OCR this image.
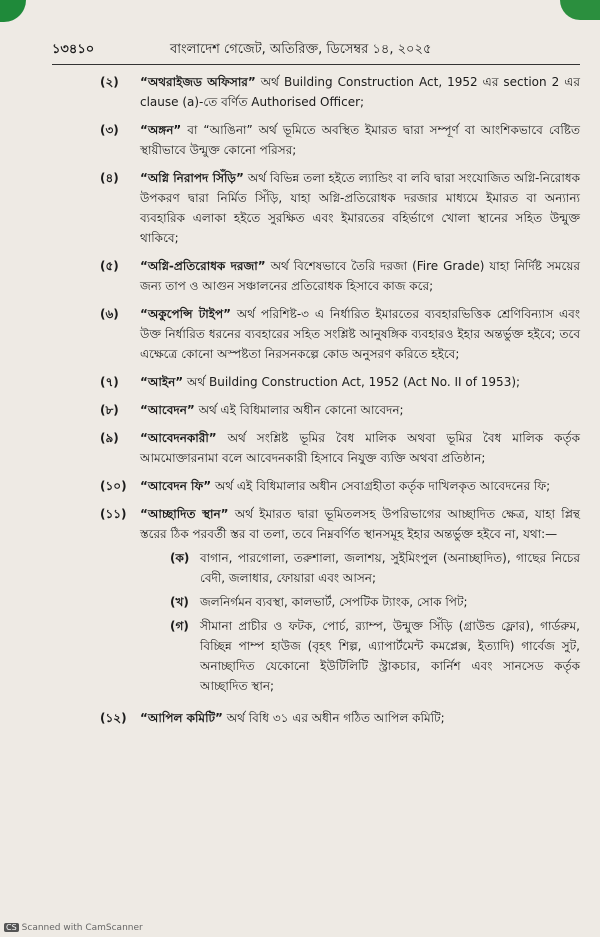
১৩৪১০	বাংলাদেশ গেজেট, অতিরিক্ত, ডিসেম্বর ১৪, ২০২৫
(২)	“অথরাইজড অফিসার” অর্থ Building Construction Act, 1952 এর section 2 এর clause (a)-তে বর্ণিত Authorised Officer;
(৩)	“অঙ্গন” বা “আঙিনা” অর্থ ভূমিতে অবস্থিত ইমারত দ্বারা সম্পূর্ণ বা আংশিকভাবে বেষ্টিত স্থায়ীভাবে উন্মুক্ত কোনো পরিসর;
(৪)	“অগ্নি নিরাপদ সিঁড়ি” অর্থ বিভিন্ন তলা হইতে ল্যান্ডিং বা লবি দ্বারা সংযোজিত অগ্নি-নিরোধক উপকরণ দ্বারা নির্মিত সিঁড়ি, যাহা অগ্নি-প্রতিরোধক দরজার মাধ্যমে ইমারত বা অন্যান্য ব্যবহারিক এলাকা হইতে সুরক্ষিত এবং ইমারতের বহির্ভাগে খোলা স্থানের সহিত উন্মুক্ত থাকিবে;
(৫)	“অগ্নি-প্রতিরোধক দরজা” অর্থ বিশেষভাবে তৈরি দরজা (Fire Grade) যাহা নির্দিষ্ট সময়ের জন্য তাপ ও আগুন সঞ্চালনের প্রতিরোধক হিসাবে কাজ করে;
(৬)	“অকুপেন্সি টাইপ” অর্থ পরিশিষ্ট-৩ এ নির্ধারিত ইমারতের ব্যবহারভিত্তিক শ্রেণিবিন্যাস এবং উক্ত নির্ধারিত ধরনের ব্যবহারের সহিত সংশ্লিষ্ট আনুষঙ্গিক ব্যবহারও ইহার অন্তর্ভুক্ত হইবে; তবে এক্ষেত্রে কোনো অস্পষ্টতা নিরসনকল্পে কোড অনুসরণ করিতে হইবে;
(৭)	“আইন” অর্থ Building Construction Act, 1952 (Act No. II of 1953);
(৮)	“আবেদন” অর্থ এই বিধিমালার অধীন কোনো আবেদন;
(৯)	“আবেদনকারী” অর্থ সংশ্লিষ্ট ভূমির বৈধ মালিক অথবা ভূমির বৈধ মালিক কর্তৃক আমমোক্তারনামা বলে আবেদনকারী হিসাবে নিযুক্ত ব্যক্তি অথবা প্রতিষ্ঠান;
(১০)	“আবেদন ফি” অর্থ এই বিধিমালার অধীন সেবাগ্রহীতা কর্তৃক দাখিলকৃত আবেদনের ফি;
(১১)	“আচ্ছাদিত স্থান” অর্থ ইমারত দ্বারা ভূমিতলসহ উপরিভাগের আচ্ছাদিত ক্ষেত্র, যাহা প্লিন্থ স্তরের ঠিক পরবর্তী স্তর বা তলা, তবে নিম্নবর্ণিত স্থানসমূহ ইহার অন্তর্ভুক্ত হইবে না, যথা:—
(ক) বাগান, পারগোলা, তরুশালা, জলাশয়, সুইমিংপুল (অনাচ্ছাদিত), গাছের নিচের বেদী, জলাধার, ফোয়ারা এবং আসন;
(খ) জলনির্গমন ব্যবস্থা, কালভার্ট, সেপটিক ট্যাংক, সোক পিট;
(গ) সীমানা প্রাচীর ও ফটক, পোর্চ, র‍্যাম্প, উন্মুক্ত সিঁড়ি (গ্রাউন্ড ফ্লোর), গার্ডরুম, বিচ্ছিন্ন পাম্প হাউজ (বৃহৎ শিল্প, এ্যাপার্টমেন্ট কমপ্লেক্স, ইত্যাদি) গার্বেজ সুট, অনাচ্ছাদিত যেকোনো ইউটিলিটি স্ট্রাকচার, কার্নিশ এবং সানসেড কর্তৃক আচ্ছাদিত স্থান;
(১২)	“আপিল কমিটি” অর্থ বিধি ৩১ এর অধীন গঠিত আপিল কমিটি;
CS Scanned with CamScanner
